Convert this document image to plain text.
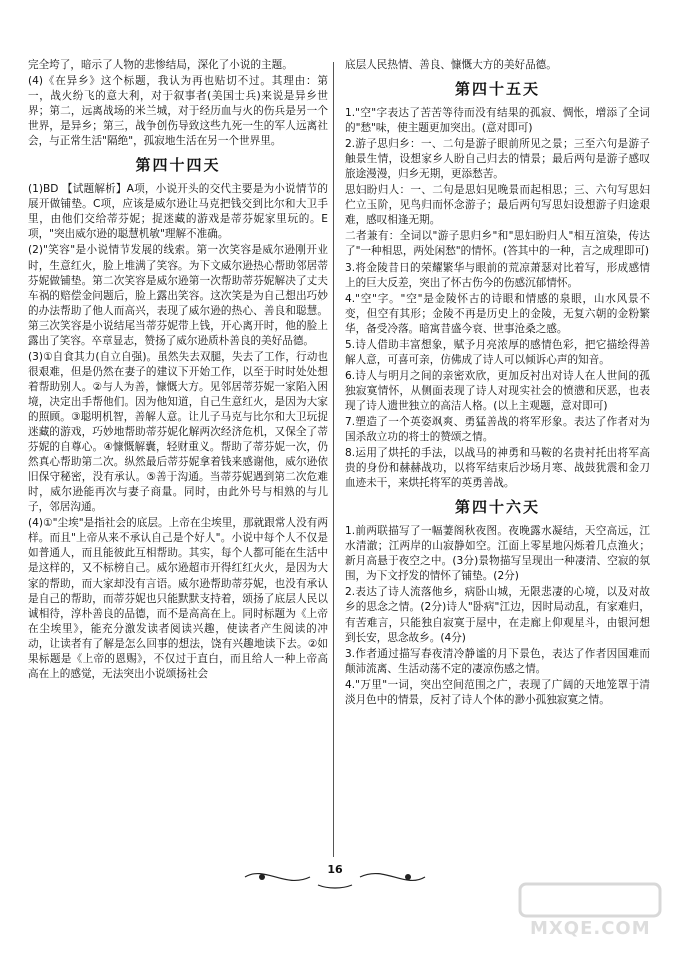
完全垮了，暗示了人物的悲惨结局，深化了小说的主题。

(4)《在异乡》这个标题，我认为再也贴切不过。其理由：第一，战火纷飞的意大利，对于叙事者(美国士兵)来说是异乡世界；第二，远离战场的米兰城，对于经历血与火的伤兵是另一个世界，是异乡；第三，战争创伤导致这些九死一生的军人远离社会，与正常生活"隔绝"，孤寂地生活在另一个世界里。

第四十四天

(1)BD 【试题解析】A项，小说开头的交代主要是为小说情节的展开做铺垫。C项，应该是威尔逊让马克把钱交到比尔和大卫手里，由他们交给蒂芬妮；捉迷藏的游戏是蒂芬妮家里玩的。E项，"突出威尔逊的聪慧机敏"理解不准确。

(2)"笑容"是小说情节发展的线索。第一次笑容是威尔逊刚开业时，生意红火，脸上堆满了笑容。为下文威尔逊热心帮助邻居蒂芬妮做铺垫。第二次笑容是威尔逊第一次帮助蒂芬妮解决了丈夫车祸的赔偿金问题后，脸上露出笑容。这次笑是为自己想出巧妙的办法帮助了他人而高兴，表现了威尔逊的热心、善良和聪慧。第三次笑容是小说结尾当蒂芬妮带上钱，开心离开时，他的脸上露出了笑容。卒章显志，赞扬了威尔逊质朴善良的美好品德。

(3)①自食其力(自立自强)。虽然失去双腿，失去了工作，行动也很艰难，但是仍然在妻子的建议下开始工作，以至于时时处处想着帮助别人。②与人为善，慷慨大方。见邻居蒂芬妮一家陷入困境，决定出手帮他们。因为他知道，自己生意红火，是因为大家的照顾。③聪明机智，善解人意。让儿子马克与比尔和大卫玩捉迷藏的游戏，巧妙地帮助蒂芬妮化解两次经济危机，又保全了蒂芬妮的自尊心。④慷慨解囊，轻财重义。帮助了蒂芬妮一次，仍然真心帮助第二次。纵然最后蒂芬妮拿着钱来感谢他，威尔逊依旧保守秘密，没有承认。⑤善于沟通。当蒂芬妮遇到第二次危难时，威尔逊能再次与妻子商量。同时，由此外号与相熟的与儿子，邻居沟通。

(4)①"尘埃"是指社会的底层。上帝在尘埃里，那就跟常人没有两样。而且"上帝从来不承认自己是个好人"。小说中每个人不仅是如普通人，而且能彼此互相帮助。其实，每个人都可能在生活中是这样的，又不标榜自己。威尔逊超市开得红红火火，是因为大家的帮助，而大家却没有言语。威尔逊帮助蒂芬妮，也没有承认是自己的帮助，而蒂芬妮也只能默默支持着，颂扬了底层人民以诚相待，淳朴善良的品德，而不是高高在上。同时标题为《上帝在尘埃里》，能充分激发读者阅读兴趣，使读者产生阅读的冲动，让读者有了解是怎么回事的想法，饶有兴趣地读下去。②如果标题是《上帝的恩赐》，不仅过于直白，而且给人一种上帝高高在上的感觉，无法突出小说颂扬社会

底层人民热情、善良、慷慨大方的美好品德。

第四十五天

1."空"字表达了苦苦等待而没有结果的孤寂、惆怅，增添了全词的"愁"味，使主题更加突出。(意对即可)

2.游子思归乡：一、二句是游子眼前所见之景；三至六句是游子触景生情，设想家乡人盼自己归去的情景；最后两句是游子感叹旅途漫漫，归乡无期，更添愁苦。

思妇盼归人：一、二句是思妇见晚景而起相思；三、六句写思妇伫立玉阶，见鸟归而怀念游子；最后两句写思妇设想游子归途艰难，感叹相逢无期。

二者兼有：全词以"游子思归乡"和"思妇盼归人"相互渲染，传达了"一种相思，两处闲愁"的情怀。(答其中的一种，言之成理即可)

3.将金陵昔日的荣耀繁华与眼前的荒凉萧瑟对比着写，形成感情上的巨大反差，突出了怀古伤今的伤感沉郁情怀。

4."空"字。"空"是金陵怀古的诗眼和情感的泉眼，山水风景不变，但空有其形；金陵不再是历史上的金陵，无复六朝的金粉繁华，备受冷落。暗寓昔盛今衰、世事沧桑之感。

5.诗人借助丰富想象，赋予月亮浓厚的感情色彩，把它描绘得善解人意，可喜可亲，仿佛成了诗人可以倾诉心声的知音。

6.诗人与明月之间的亲密欢欣，更加反衬出对诗人在人世间的孤独寂寞情怀，从侧面表现了诗人对现实社会的愤懑和厌恶，也表现了诗人遗世独立的高洁人格。(以上主观题，意对即可)

7.塑造了一个英姿飒爽、勇猛善战的将军形象。表达了作者对为国杀敌立功的将士的赞颂之情。

8.运用了烘托的手法，以战马的神勇和马鞍的名贵衬托出将军高贵的身份和赫赫战功，以将军结束后沙场月寒、战鼓犹震和金刀血迹未干，来烘托将军的英勇善战。

第四十六天

1.前两联描写了一幅萋阁秋夜图。夜晚露水凝结，天空高远，江水清澈；江两岸的山寂静如空。江面上零星地闪烁着几点渔火；新月高悬于夜空之中。(3分)景物描写呈现出一种凄清、空寂的氛围，为下文抒发的情怀了铺垫。(2分)

2.表达了诗人流落他乡，病卧山城，无限悲凄的心境，以及对故乡的思念之情。(2分)诗人"卧病"江边，因时局动乱，有家难归，有苦难言，只能独自寂寞于屋中，在走廊上仰观星斗，由银河想到长安，思念故乡。(4分)

3.作者通过描写春夜清冷静谧的月下景色，表达了作者因国难而颠沛流离、生活动荡不定的凄凉伤感之情。

4."万里"一词，突出空间范围之广，表现了广阔的天地笼罩于清淡月色中的情景，反衬了诗人个体的渺小孤独寂寞之情。

16
MXQE.COM
